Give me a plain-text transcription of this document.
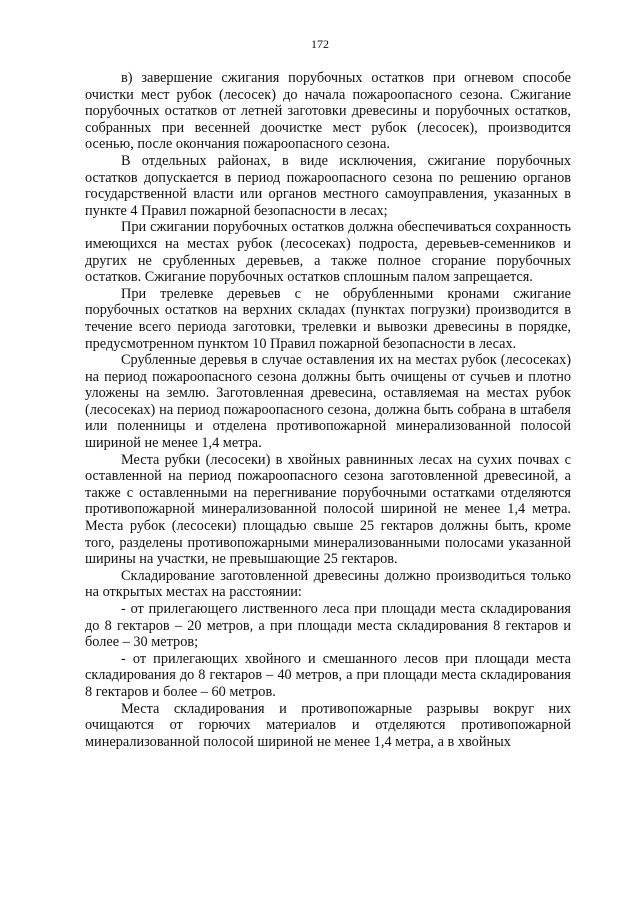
172

в) завершение сжигания порубочных остатков при огневом способе очистки мест рубок (лесосек) до начала пожароопасного сезона. Сжигание порубочных остатков от летней заготовки древесины и порубочных остатков, собранных при весенней доочистке мест рубок (лесосек), производится осенью, после окончания пожароопасного сезона.

В отдельных районах, в виде исключения, сжигание порубочных остатков допускается в период пожароопасного сезона по решению органов государственной власти или органов местного самоуправления, указанных в пункте 4 Правил пожарной безопасности в лесах;

При сжигании порубочных остатков должна обеспечиваться сохранность имеющихся на местах рубок (лесосеках) подроста, деревьев-семенников и других не срубленных деревьев, а также полное сгорание порубочных остатков. Сжигание порубочных остатков сплошным палом запрещается.

При трелевке деревьев с не обрубленными кронами сжигание порубочных остатков на верхних складах (пунктах погрузки) производится в течение всего периода заготовки, трелевки и вывозки древесины в порядке, предусмотренном пунктом 10 Правил пожарной безопасности в лесах.

Срубленные деревья в случае оставления их на местах рубок (лесосеках) на период пожароопасного сезона должны быть очищены от сучьев и плотно уложены на землю. Заготовленная древесина, оставляемая на местах рубок (лесосеках) на период пожароопасного сезона, должна быть собрана в штабеля или поленницы и отделена противопожарной минерализованной полосой шириной не менее 1,4 метра.

Места рубки (лесосеки) в хвойных равнинных лесах на сухих почвах с оставленной на период пожароопасного сезона заготовленной древесиной, а также с оставленными на перегнивание порубочными остатками отделяются противопожарной минерализованной полосой шириной не менее 1,4 метра. Места рубок (лесосеки) площадью свыше 25 гектаров должны быть, кроме того, разделены противопожарными минерализованными полосами указанной ширины на участки, не превышающие 25 гектаров.

Складирование заготовленной древесины должно производиться только на открытых местах на расстоянии:

- от прилегающего лиственного леса при площади места складирования до 8 гектаров – 20 метров, а при площади места складирования 8 гектаров и более – 30 метров;

- от прилегающих хвойного и смешанного лесов при площади места складирования до 8 гектаров – 40 метров, а при площади места складирования 8 гектаров и более – 60 метров.

Места складирования и противопожарные разрывы вокруг них очищаются от горючих материалов и отделяются противопожарной минерализованной полосой шириной не менее 1,4 метра, а в хвойных
